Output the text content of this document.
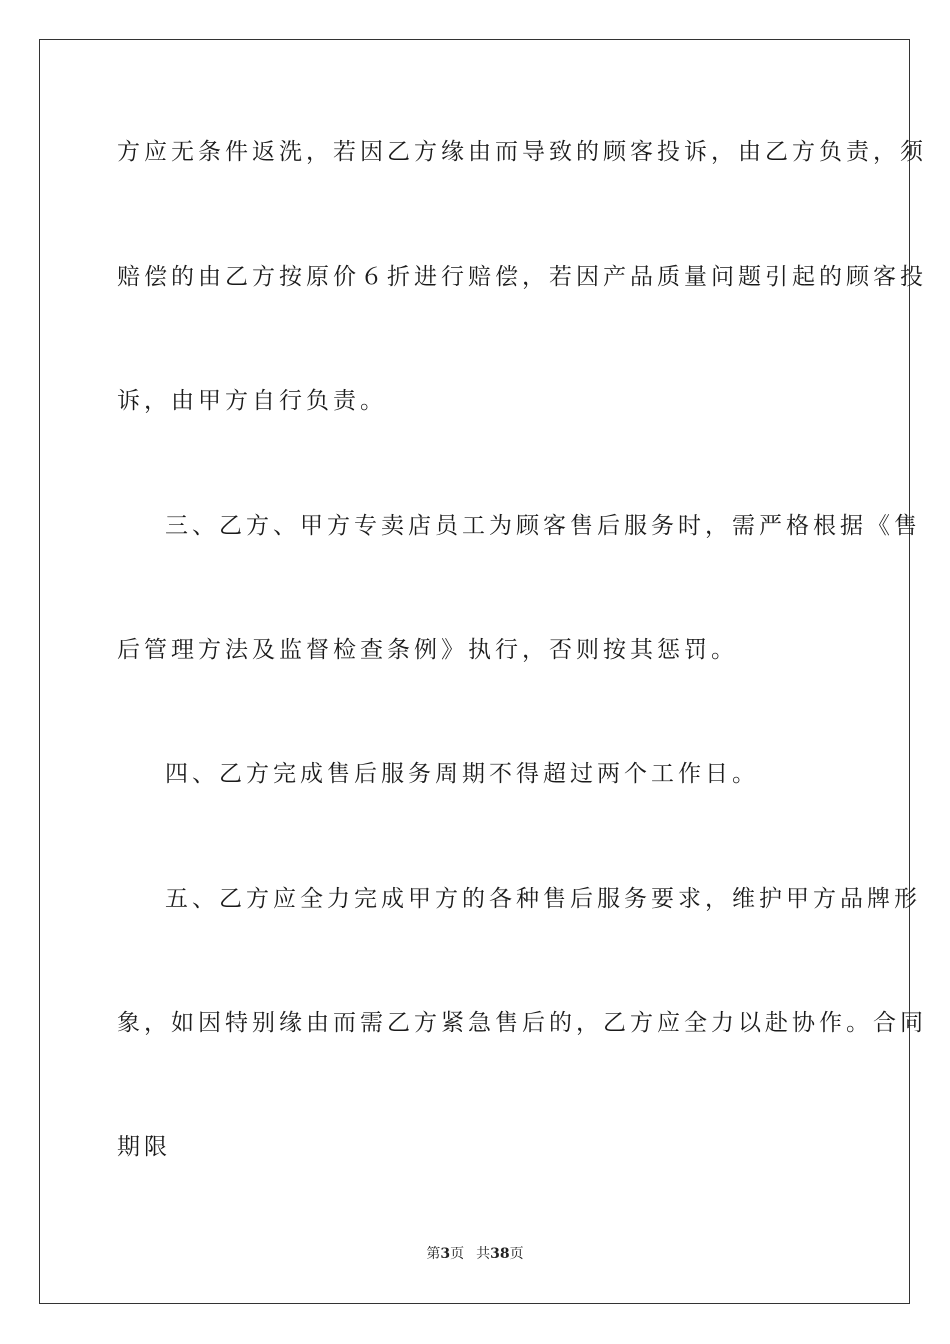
方应无条件返洗，若因乙方缘由而导致的顾客投诉，由乙方负责，须
赔偿的由乙方按原价６折进行赔偿，若因产品质量问题引起的顾客投
诉，由甲方自行负责。
三、乙方、甲方专卖店员工为顾客售后服务时，需严格根据《售
后管理方法及监督检查条例》执行，否则按其惩罚。
四、乙方完成售后服务周期不得超过两个工作日。
五、乙方应全力完成甲方的各种售后服务要求，维护甲方品牌形
象，如因特别缘由而需乙方紧急售后的，乙方应全力以赴协作。合同
期限
第3页 共38页
